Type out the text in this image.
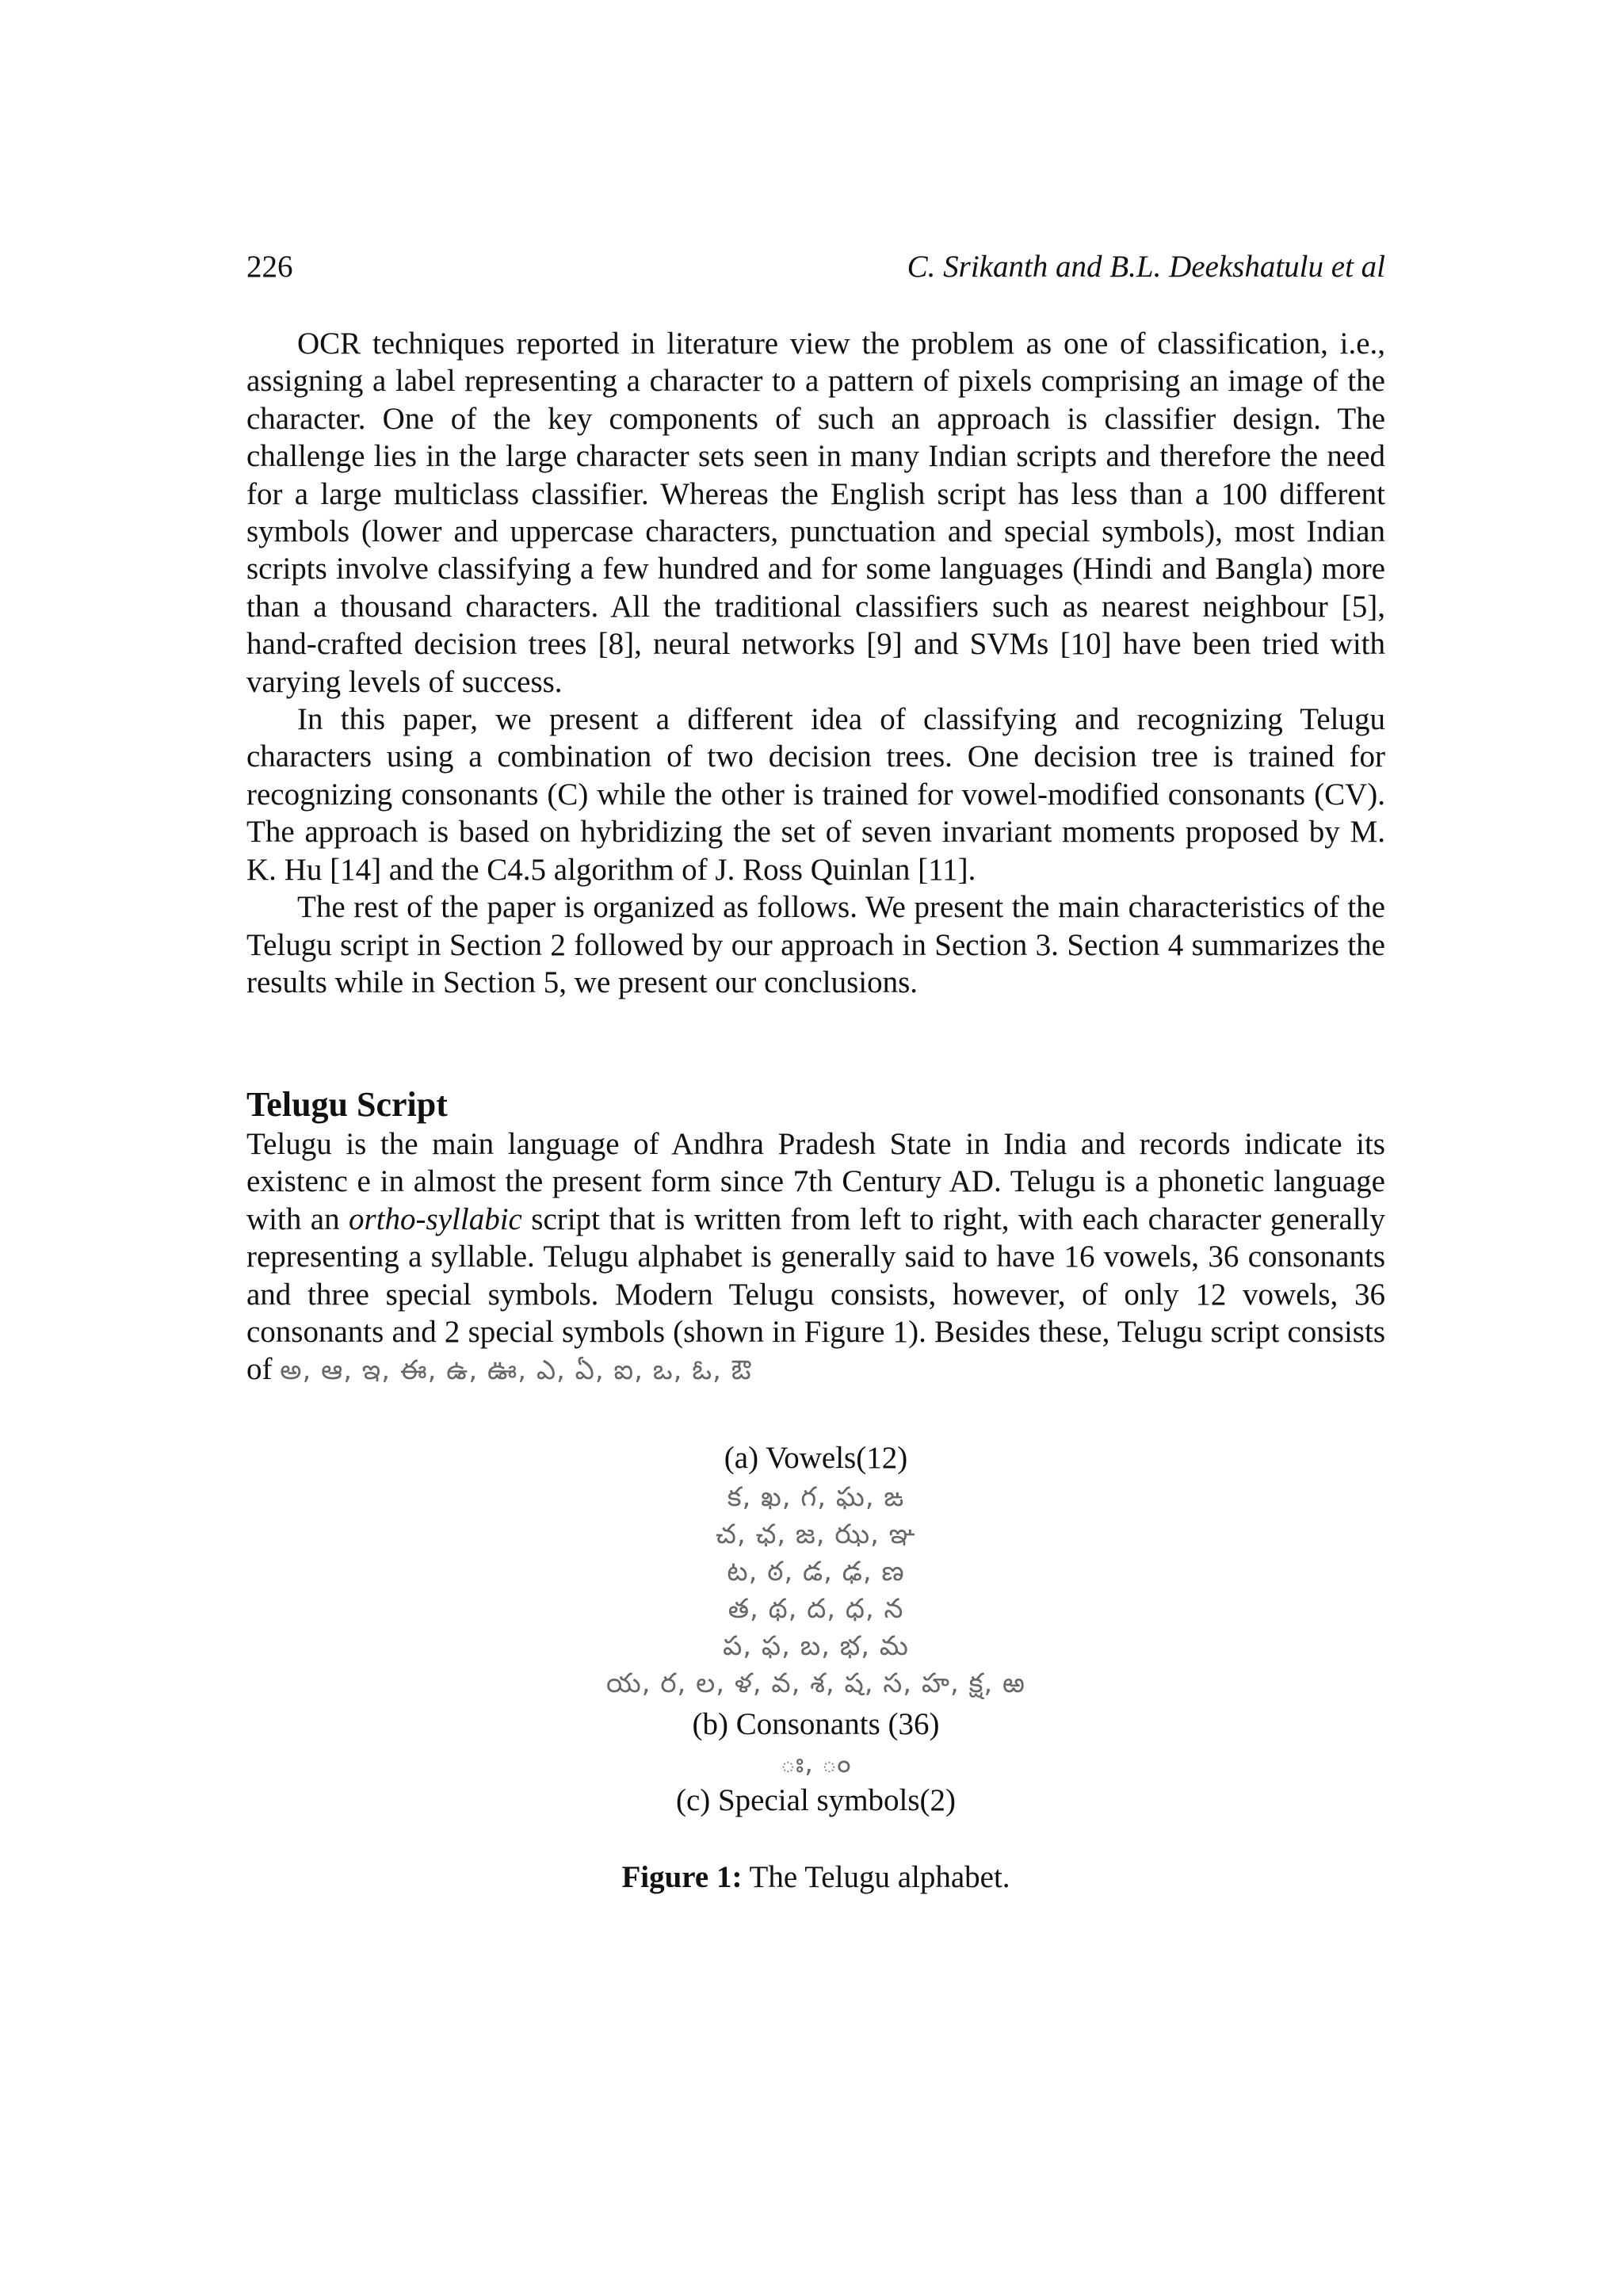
226	C. Srikanth and B.L. Deekshatulu et al

OCR techniques reported in literature view the problem as one of classification, i.e., assigning a label representing a character to a pattern of pixels comprising an image of the character. One of the key components of such an approach is classifier design. The challenge lies in the large character sets seen in many Indian scripts and therefore the need for a large multiclass classifier. Whereas the English script has less than a 100 different symbols (lower and uppercase characters, punctuation and special symbols), most Indian scripts involve classifying a few hundred and for some languages (Hindi and Bangla) more than a thousand characters. All the traditional classifiers such as nearest neighbour [5], hand-crafted decision trees [8], neural networks [9] and SVMs [10] have been tried with varying levels of success.

In this paper, we present a different idea of classifying and recognizing Telugu characters using a combination of two decision trees. One decision tree is trained for recognizing consonants (C) while the other is trained for vowel-modified consonants (CV). The approach is based on hybridizing the set of seven invariant moments proposed by M. K. Hu [14] and the C4.5 algorithm of J. Ross Quinlan [11].

The rest of the paper is organized as follows. We present the main characteristics of the Telugu script in Section 2 followed by our approach in Section 3. Section 4 summarizes the results while in Section 5, we present our conclusions.

Telugu Script

Telugu is the main language of Andhra Pradesh State in India and records indicate its existenc e in almost the present form since 7th Century AD. Telugu is a phonetic language with an ortho-syllabic script that is written from left to right, with each character generally representing a syllable. Telugu alphabet is generally said to have 16 vowels, 36 consonants and three special symbols. Modern Telugu consists, however, of only 12 vowels, 36 consonants and 2 special symbols (shown in Figure 1). Besides these, Telugu script consists of అ, ఆ, ఇ, ఈ, ఉ, ఊ, ఎ, ఏ, ఐ, ఒ, ఓ, ఔ

(a) Vowels(12)
క, ఖ, గ, ఘ, ఙ
చ, ఛ, జ, ఝ, ఞ
ట, ఠ, డ, ఢ, ణ
త, థ, ద, ధ, న
ప, ఫ, బ, భ, మ
య, ర, ల, ళ, వ, శ, ష, స, హ, క్ష, ఱ
(b) Consonants (36)
ః, ం
(c) Special symbols(2)
Figure 1: The Telugu alphabet.
